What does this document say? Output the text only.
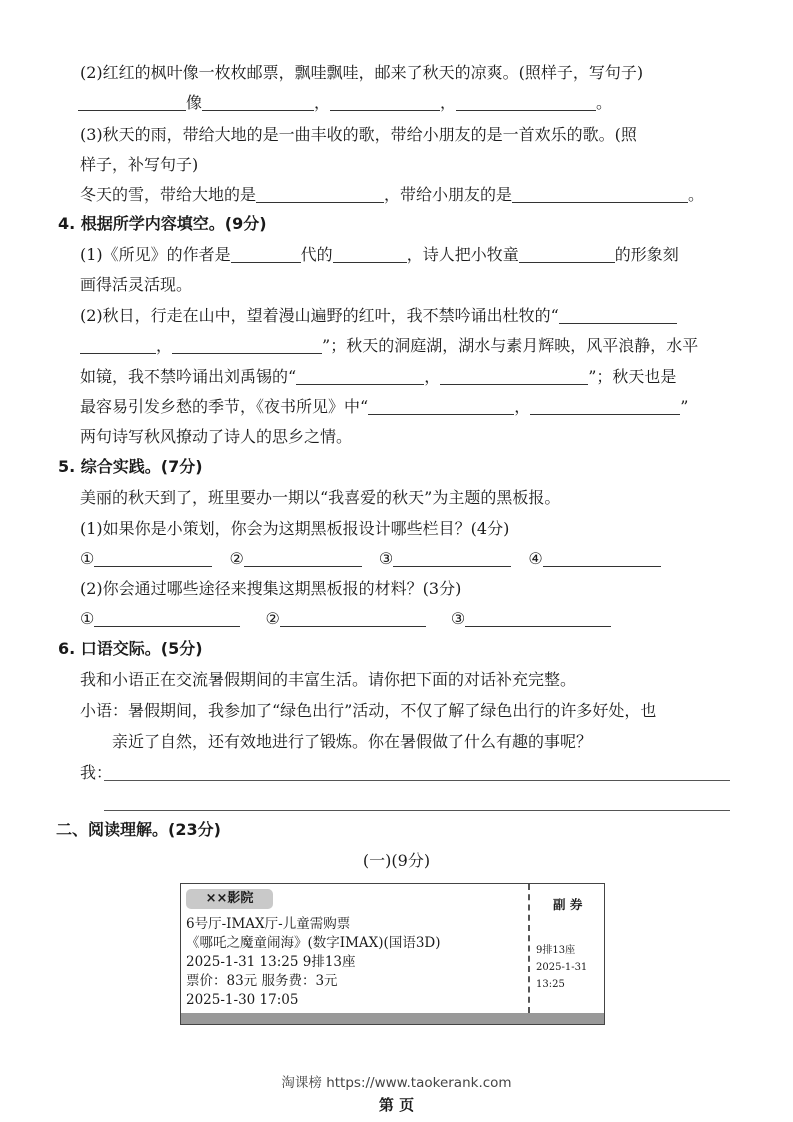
(2)红红的枫叶像一枚枚邮票，飘哇飘哇，邮来了秋天的凉爽。(照样子，写句子)
像	，	，	。
(3)秋天的雨，带给大地的是一曲丰收的歌，带给小朋友的是一首欢乐的歌。(照
样子，补写句子)
冬天的雪，带给大地的是	，带给小朋友的是	。
4. 根据所学内容填空。(9分)
(1)《所见》的作者是	代的	，诗人把小牧童	的形象刻
画得活灵活现。
(2)秋日，行走在山中，望着漫山遍野的红叶，我不禁吟诵出杜牧的“
，	”；秋天的洞庭湖，湖水与素月辉映，风平浪静，水平
如镜，我不禁吟诵出刘禹锡的“	，	”；秋天也是
最容易引发乡愁的季节，《夜书所见》中“	，	”
两句诗写秋风撩动了诗人的思乡之情。
5. 综合实践。(7分)
美丽的秋天到了，班里要办一期以“我喜爱的秋天”为主题的黑板报。
(1)如果你是小策划，你会为这期黑板报设计哪些栏目？(4分)
①	②	③	④
(2)你会通过哪些途径来搜集这期黑板报的材料？(3分)
①	②	③
6. 口语交际。(5分)
我和小语正在交流暑假期间的丰富生活。请你把下面的对话补充完整。
小语：暑假期间，我参加了“绿色出行”活动，不仅了解了绿色出行的许多好处，也
亲近了自然，还有效地进行了锻炼。你在暑假做了什么有趣的事呢？
我：
二、阅读理解。(23分)
(一)(9分)
××影院
6号厅-IMAX厅-儿童需购票
《哪吒之魔童闹海》(数字IMAX)(国语3D)
2025-1-31 13:25 9排13座
票价：83元 服务费：3元
2025-1-30 17:05
副 券
9排13座
2025-1-31
13:25
淘课榜 https://www.taokerank.com
第 页
